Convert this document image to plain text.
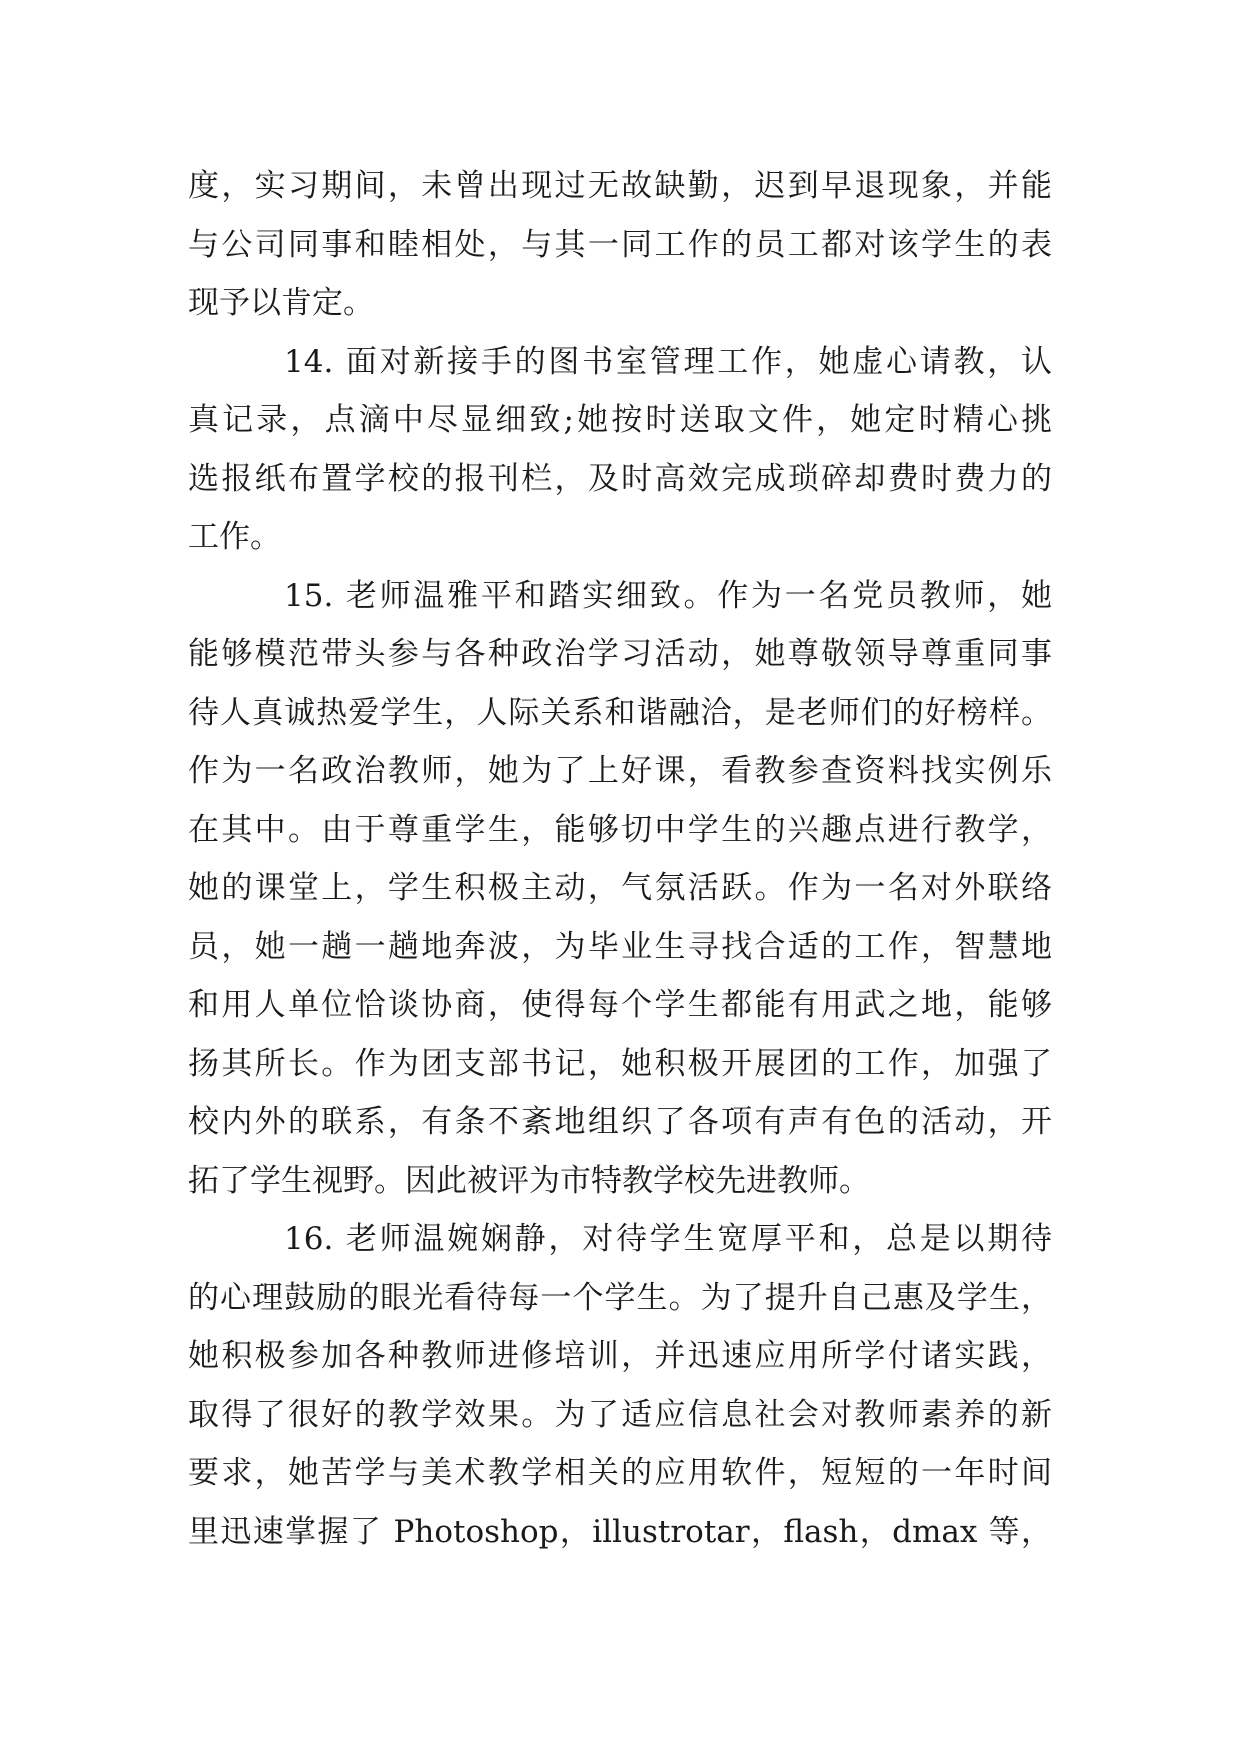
度，实习期间，未曾出现过无故缺勤，迟到早退现象，并能
与公司同事和睦相处，与其一同工作的员工都对该学生的表
现予以肯定。
14. 面对新接手的图书室管理工作，她虚心请教，认
真记录，点滴中尽显细致;她按时送取文件，她定时精心挑
选报纸布置学校的报刊栏，及时高效完成琐碎却费时费力的
工作。
15. 老师温雅平和踏实细致。作为一名党员教师，她
能够模范带头参与各种政治学习活动，她尊敬领导尊重同事
待人真诚热爱学生，人际关系和谐融洽，是老师们的好榜样。
作为一名政治教师，她为了上好课，看教参查资料找实例乐
在其中。由于尊重学生，能够切中学生的兴趣点进行教学，
她的课堂上，学生积极主动，气氛活跃。作为一名对外联络
员，她一趟一趟地奔波，为毕业生寻找合适的工作，智慧地
和用人单位恰谈协商，使得每个学生都能有用武之地，能够
扬其所长。作为团支部书记，她积极开展团的工作，加强了
校内外的联系，有条不紊地组织了各项有声有色的活动，开
拓了学生视野。因此被评为市特教学校先进教师。
16. 老师温婉娴静，对待学生宽厚平和，总是以期待
的心理鼓励的眼光看待每一个学生。为了提升自己惠及学生，
她积极参加各种教师进修培训，并迅速应用所学付诸实践，
取得了很好的教学效果。为了适应信息社会对教师素养的新
要求，她苦学与美术教学相关的应用软件，短短的一年时间
里迅速掌握了 Photoshop，illustrotar，flash，dmax 等，
